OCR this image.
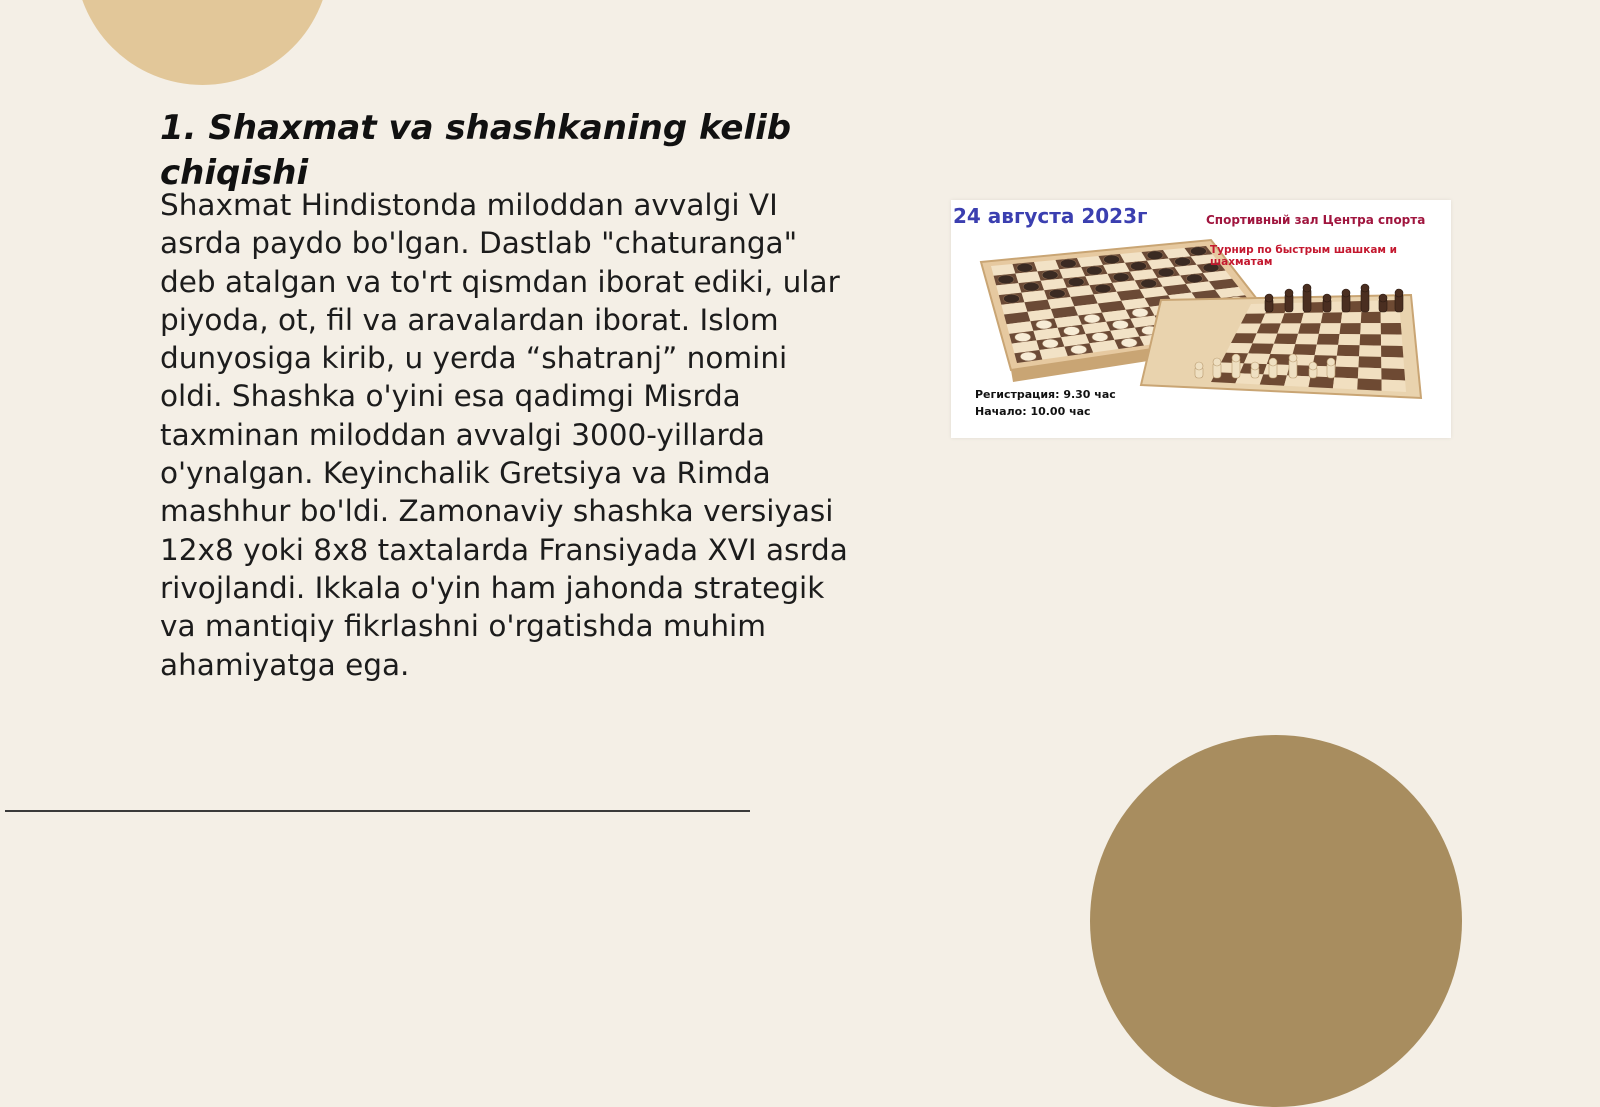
1. Shaxmat va shashkaning kelib chiqishi

Shaxmat Hindistonda miloddan avvalgi VI asrda paydo bo'lgan. Dastlab "chaturanga" deb atalgan va to'rt qismdan iborat ediki, ular piyoda, ot, fil va aravalardan iborat. Islom dunyosiga kirib, u yerda “shatranj” nomini oldi. Shashka o'yini esa qadimgi Misrda taxminan miloddan avvalgi 3000-yillarda o'ynalgan. Keyinchalik Gretsiya va Rimda mashhur bo'ldi. Zamonaviy shashka versiyasi 12x8 yoki 8x8 taxtalarda Fransiyada XVI asrda rivojlandi. Ikkala o'yin ham jahonda strategik va mantiqiy fikrlashni o'rgatishda muhim ahamiyatga ega.

24 августа 2023г	Спортивный зал Центра спорта
Турнир по быстрым шашкам и шахматам
Регистрация: 9.30 час
Начало: 10.00 час
